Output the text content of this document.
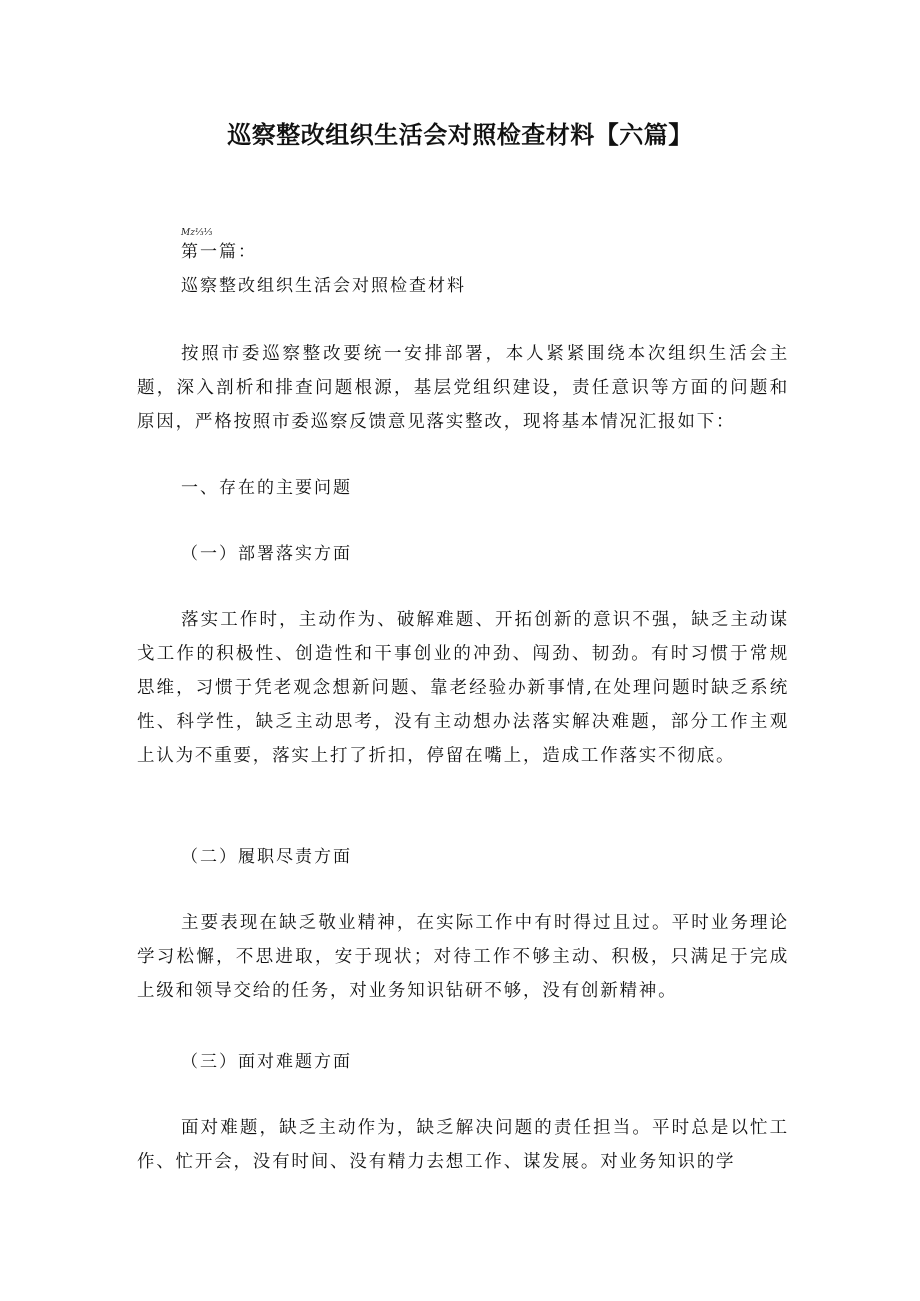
巡察整改组织生活会对照检查材料【六篇】
Mz⅓⅓
第一篇：
巡察整改组织生活会对照检查材料

按照市委巡察整改要统一安排部署，本人紧紧围绕本次组织生活会主题，深入剖析和排查问题根源，基层党组织建设，责任意识等方面的问题和原因，严格按照市委巡察反馈意见落实整改，现将基本情况汇报如下：

一、存在的主要问题
（一）部署落实方面

落实工作时，主动作为、破解难题、开拓创新的意识不强，缺乏主动谋戈工作的积极性、创造性和干事创业的冲劲、闯劲、韧劲。有时习惯于常规思维，习惯于凭老观念想新问题、靠老经验办新事情,在处理问题时缺乏系统性、科学性，缺乏主动思考，没有主动想办法落实解决难题，部分工作主观上认为不重要，落实上打了折扣，停留在嘴上，造成工作落实不彻底。

（二）履职尽责方面

主要表现在缺乏敬业精神，在实际工作中有时得过且过。平时业务理论学习松懈，不思进取，安于现状；对待工作不够主动、积极，只满足于完成上级和领导交给的任务，对业务知识钻研不够，没有创新精神。

（三）面对难题方面

面对难题，缺乏主动作为，缺乏解决问题的责任担当。平时总是以忙工作、忙开会，没有时间、没有精力去想工作、谋发展。对业务知识的学
